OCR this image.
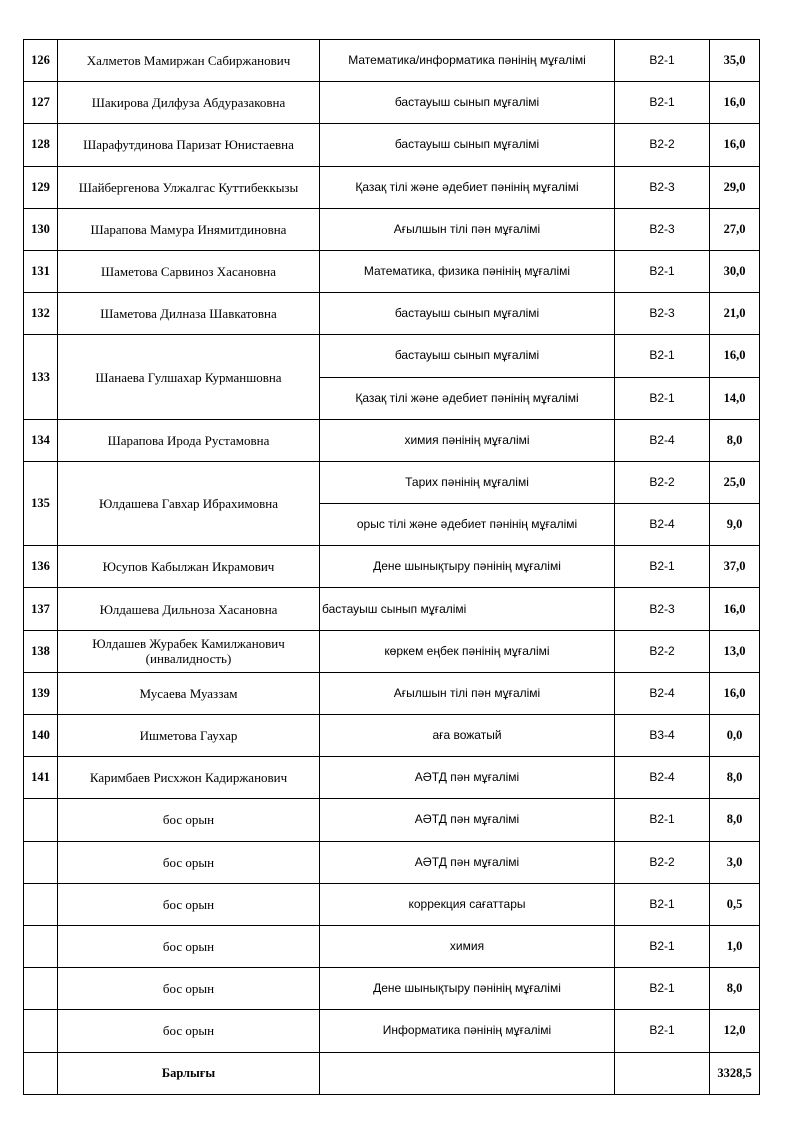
126	Халметов Мамиржан Сабиржанович	Математика/информатика пәнінің мұғалімі	В2-1	35,0
127	Шакирова Дилфуза Абдуразаковна	бастауыш сынып мұғалімі	В2-1	16,0
128	Шарафутдинова Паризат Юнистаевна	бастауыш сынып мұғалімі	В2-2	16,0
129	Шайбергенова Улжалгас Куттибеккызы	Қазақ тілі және әдебиет пәнінің мұғалімі	В2-3	29,0
130	Шарапова Мамура Инямитдиновна	Ағылшын тілі пән мұғалімі	В2-3	27,0
131	Шаметова Сарвиноз Хасановна	Математика, физика пәнінің мұғалімі	В2-1	30,0
132	Шаметова Дилназа Шавкатовна	бастауыш сынып мұғалімі	В2-3	21,0
133	Шанаева Гулшахар Курманшовна	бастауыш сынып мұғалімі	В2-1	16,0
		Қазақ тілі және әдебиет пәнінің мұғалімі	В2-1	14,0
134	Шарапова Ирода Рустамовна	химия пәнінің мұғалімі	В2-4	8,0
135	Юлдашева Гавхар Ибрахимовна	Тарих пәнінің мұғалімі	В2-2	25,0
		орыс тілі және әдебиет пәнінің мұғалімі	В2-4	9,0
136	Юсупов Кабылжан Икрамович	Дене шынықтыру пәнінің мұғалімі	В2-1	37,0
137	Юлдашева Дильноза Хасановна	бастауыш сынып мұғалімі	В2-3	16,0
138	Юлдашев Журабек Камилжанович (инвалидность)	көркем еңбек пәнінің мұғалімі	В2-2	13,0
139	Мусаева Муаззам	Ағылшын тілі пән мұғалімі	В2-4	16,0
140	Ишметова Гаухар	аға вожатый	В3-4	0,0
141	Каримбаев Рисхжон Кадиржанович	АӘТД пән мұғалімі	В2-4	8,0
	бос орын	АӘТД пән мұғалімі	В2-1	8,0
	бос орын	АӘТД пән мұғалімі	В2-2	3,0
	бос орын	коррекция сағаттары	В2-1	0,5
	бос орын	химия	В2-1	1,0
	бос орын	Дене шынықтыру пәнінің мұғалімі	В2-1	8,0
	бос орын	Информатика пәнінің мұғалімі	В2-1	12,0
	Барлығы			3328,5
